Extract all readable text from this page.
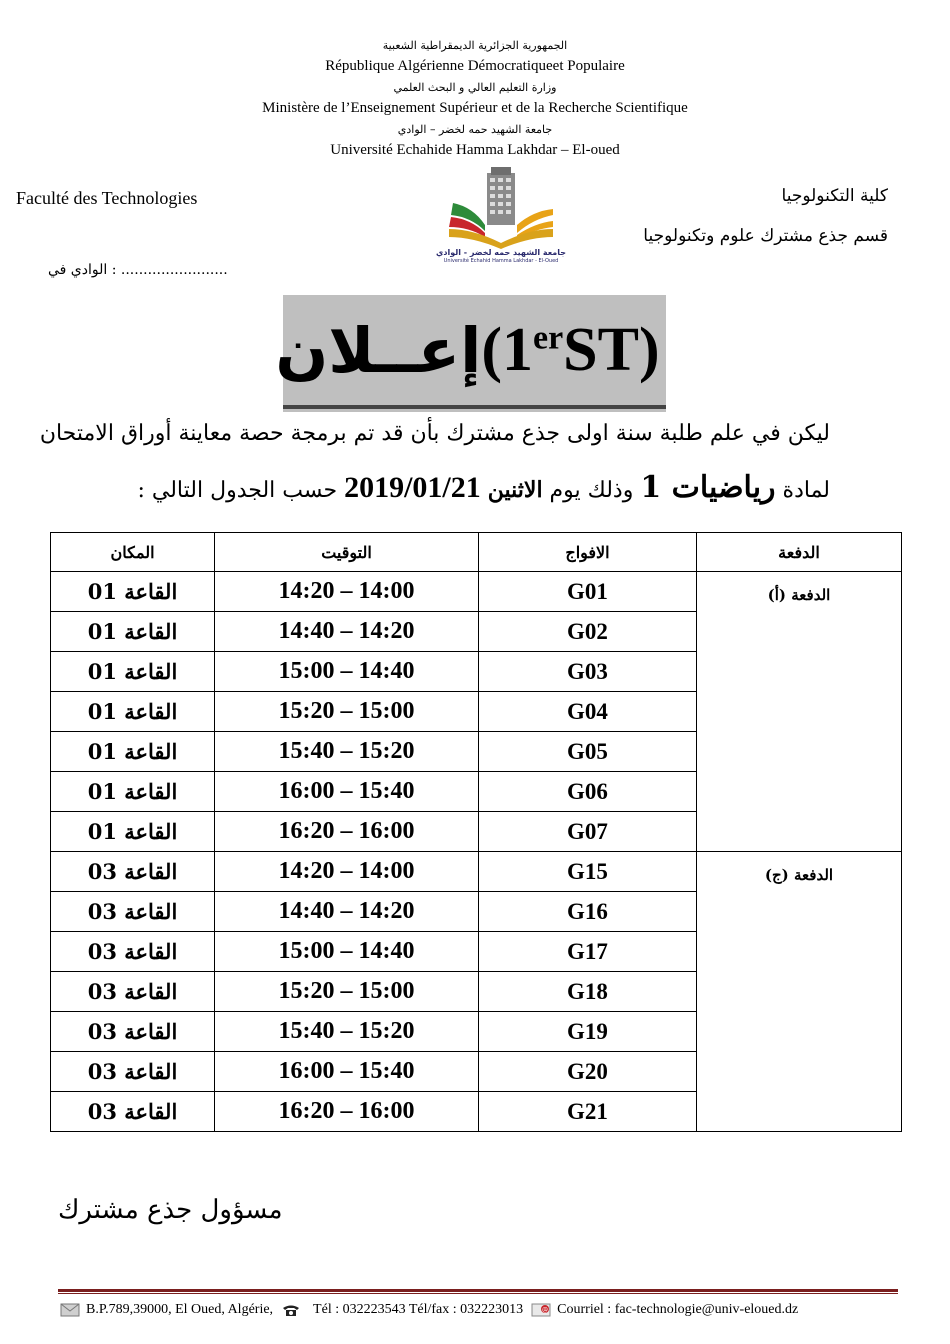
الجمهورية الجزائرية الديمقراطية الشعبية
République Algérienne Démocratiqueet Populaire
وزارة التعليم العالي و البحث العلمي
Ministère de l’Enseignement Supérieur et de la Recherche Scientifique
جامعة الشهيد حمه لخضر – الوادي
Université Echahide Hamma Lakhdar – El-oued
Faculté des Technologies	كلية التكنولوجيا
قسم جذع مشترك علوم وتكنولوجيا
الوادي في : ........................
جامعة الشهيد حمه لخضر - الوادي
Université Echahid Hamma Lakhdar - El-Oued
إعــلان (1erST)
ليكن في علم طلبة سنة اولى جذع مشترك بأن قد تم برمجة حصة معاينة أوراق الامتحان
لمادة رياضيات 1 وذلك يوم الاثنين 2019/01/21 حسب الجدول التالي :
الدفعة	الافواج	التوقيت	المكان
الدفعة (أ)	G01	14:20 – 14:00	القاعة 01
	G02	14:40 – 14:20	القاعة 01
	G03	15:00 – 14:40	القاعة 01
	G04	15:20 – 15:00	القاعة 01
	G05	15:40 – 15:20	القاعة 01
	G06	16:00 – 15:40	القاعة 01
	G07	16:20 – 16:00	القاعة 01
الدفعة (ج)	G15	14:20 – 14:00	القاعة 03
	G16	14:40 – 14:20	القاعة 03
	G17	15:00 – 14:40	القاعة 03
	G18	15:20 – 15:00	القاعة 03
	G19	15:40 – 15:20	القاعة 03
	G20	16:00 – 15:40	القاعة 03
	G21	16:20 – 16:00	القاعة 03
مسؤول جذع مشترك
B.P.789,39000, El Oued, Algérie,	Tél : 032223543 Tél/fax : 032223013	@ Courriel : fac-technologie@univ-eloued.dz
